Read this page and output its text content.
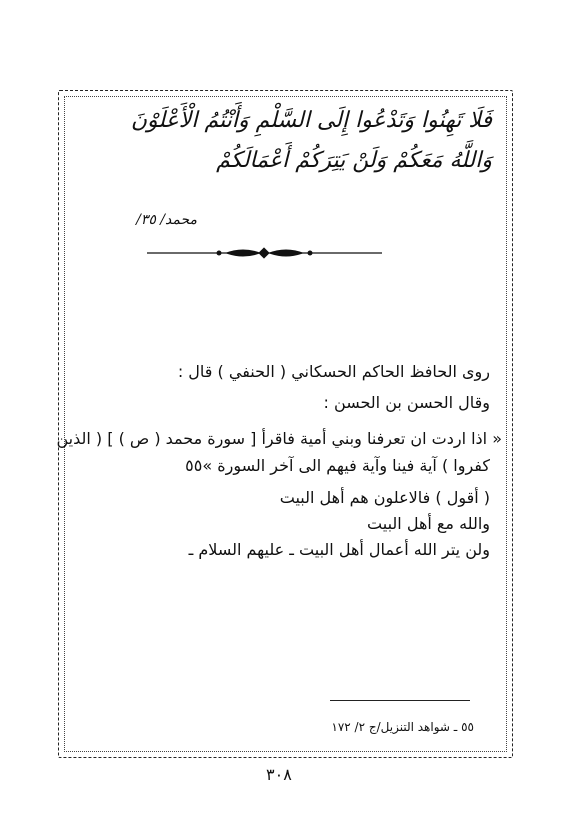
فَلَا تَهِنُوا وَتَدْعُوا إِلَى السَّلْمِ وَأَنْتُمُ الْأَعْلَوْنَ
وَاللَّهُ مَعَكُمْ وَلَنْ يَتِرَكُمْ أَعْمَالَكُمْ
محمد/ ٣٥/
روى الحافظ الحاكم الحسكاني ( الحنفي ) قال :
وقال الحسن بن الحسن :
« اذا اردت ان تعرفنا وبني أمية فاقرأ [ سورة محمد ( ص ) ] ( الذين
كفروا ) آية فينا وآية فيهم الى آخر السورة »٥٥
( أقول ) فالاعلون هم أهل البيت
والله مع أهل البيت
ولن يتر الله أعمال أهل البيت ـ عليهم السلام ـ
٥٥ ـ شواهد التنزيل/ج ٢/ ١٧٢
٣٠٨
